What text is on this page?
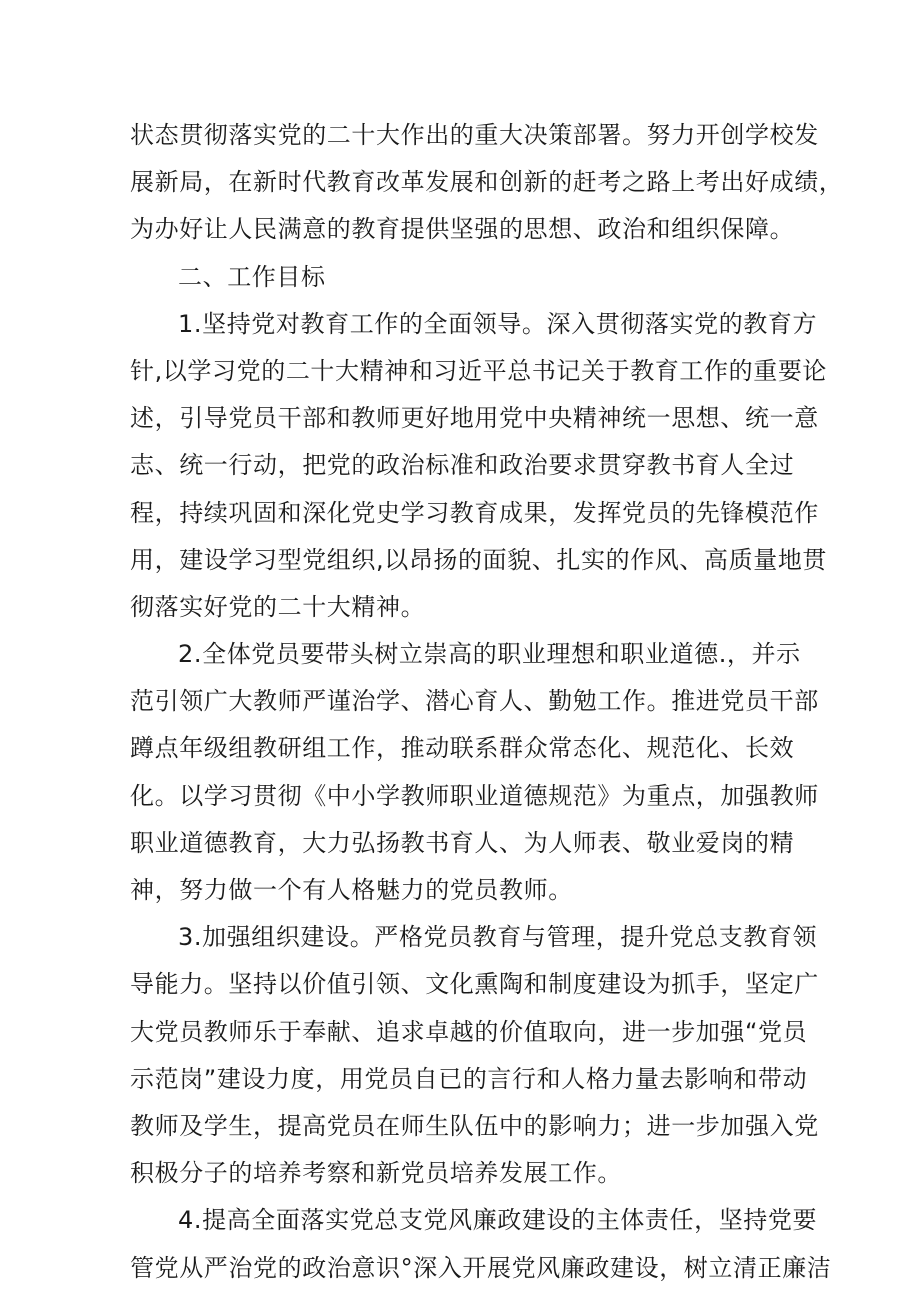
状态贯彻落实党的二十大作出的重大决策部署。努力开创学校发
展新局，在新时代教育改革发展和创新的赶考之路上考出好成绩，
为办好让人民满意的教育提供坚强的思想、政治和组织保障。
二、工作目标
1.坚持党对教育工作的全面领导。深入贯彻落实党的教育方
针,以学习党的二十大精神和习近平总书记关于教育工作的重要论
述，引导党员干部和教师更好地用党中央精神统一思想、统一意
志、统一行动，把党的政治标准和政治要求贯穿教书育人全过
程，持续巩固和深化党史学习教育成果，发挥党员的先锋模范作
用，建设学习型党组织,以昂扬的面貌、扎实的作风、高质量地贯
彻落实好党的二十大精神。
2.全体党员要带头树立崇高的职业理想和职业道德.，并示
范引领广大教师严谨治学、潜心育人、勤勉工作。推进党员干部
蹲点年级组教研组工作，推动联系群众常态化、规范化、长效
化。以学习贯彻《中小学教师职业道德规范》为重点，加强教师
职业道德教育，大力弘扬教书育人、为人师表、敬业爱岗的精
神，努力做一个有人格魅力的党员教师。
3.加强组织建设。严格党员教育与管理，提升党总支教育领
导能力。坚持以价值引领、文化熏陶和制度建设为抓手，坚定广
大党员教师乐于奉献、追求卓越的价值取向，进一步加强“党员
示范岗”建设力度，用党员自已的言行和人格力量去影响和带动
教师及学生，提高党员在师生队伍中的影响力；进一步加强入党
积极分子的培养考察和新党员培养发展工作。
4.提高全面落实党总支党风廉政建设的主体责任，坚持党要
管党从严治党的政治意识°深入开展党风廉政建设，树立清正廉洁
